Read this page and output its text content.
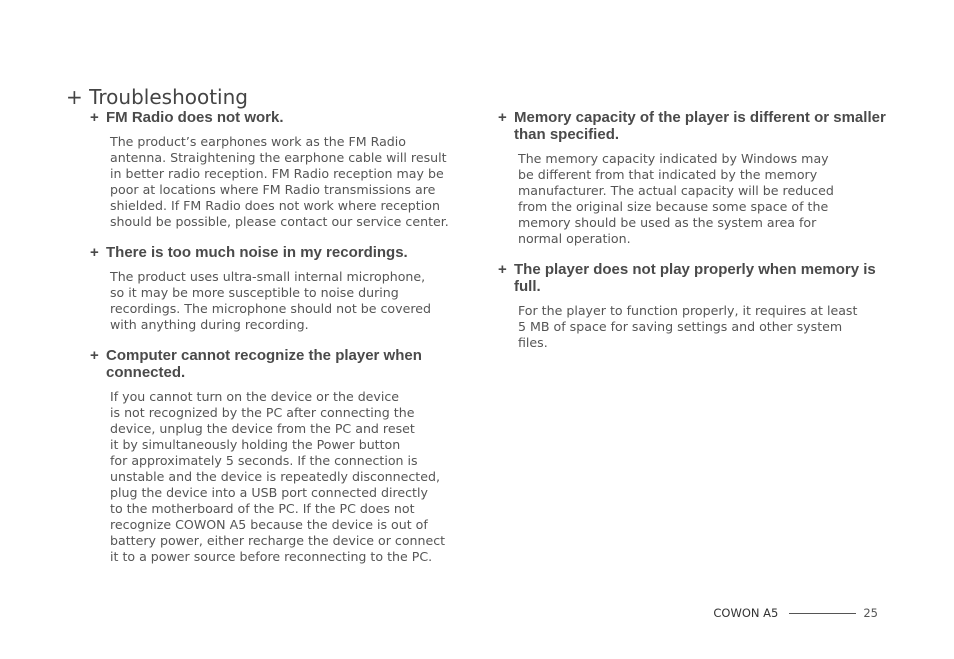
+ Troubleshooting
+ FM Radio does not work.
The product’s earphones work as the FM Radio
antenna. Straightening the earphone cable will result
in better radio reception. FM Radio reception may be
poor at locations where FM Radio transmissions are
shielded. If FM Radio does not work where reception
should be possible, please contact our service center.
+ There is too much noise in my recordings.
The product uses ultra-small internal microphone,
so it may be more susceptible to noise during
recordings. The microphone should not be covered
with anything during recording.
+ Computer cannot recognize the player when connected.
If you cannot turn on the device or the device
is not recognized by the PC after connecting the
device, unplug the device from the PC and reset
it by simultaneously holding the Power button
for approximately 5 seconds. If the connection is
unstable and the device is repeatedly disconnected,
plug the device into a USB port connected directly
to the motherboard of the PC. If the PC does not
recognize COWON A5 because the device is out of
battery power, either recharge the device or connect
it to a power source before reconnecting to the PC.
+ Memory capacity of the player is different or smaller than specified.
The memory capacity indicated by Windows may
be different from that indicated by the memory
manufacturer. The actual capacity will be reduced
from the original size because some space of the
memory should be used as the system area for
normal operation.
+ The player does not play properly when memory is full.
For the player to function properly, it requires at least
5 MB of space for saving settings and other system
files.
COWON A5	25
